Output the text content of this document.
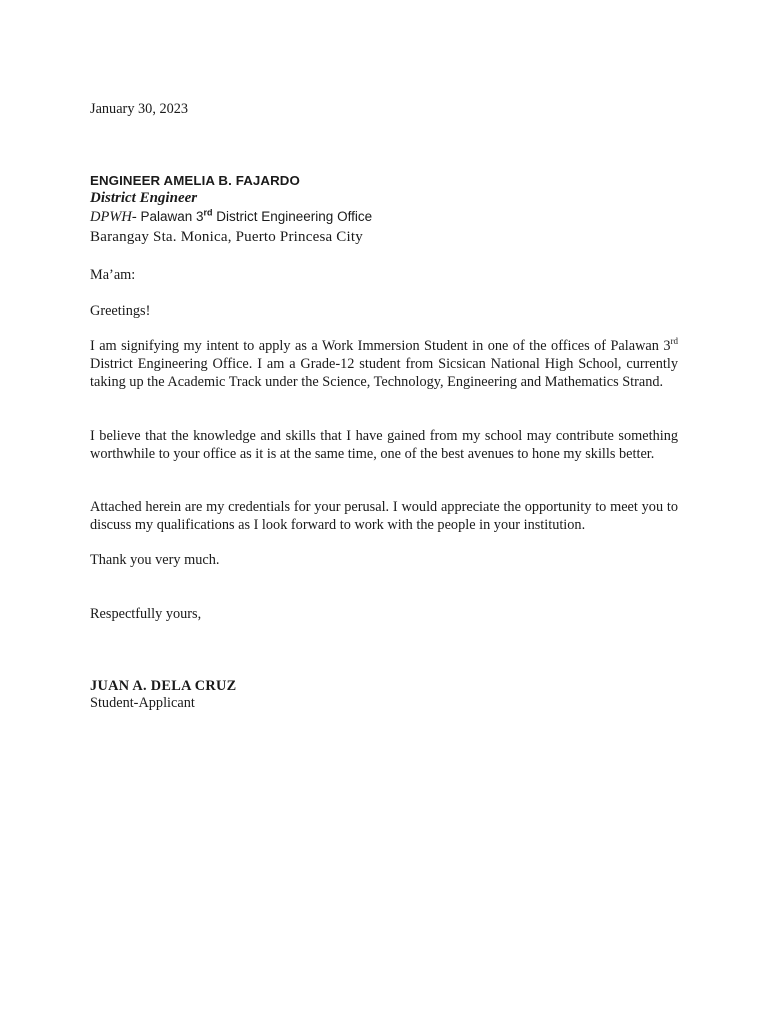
January 30, 2023
ENGINEER AMELIA B. FAJARDO
District Engineer
DPWH- Palawan 3rd District Engineering Office
Barangay Sta. Monica, Puerto Princesa City
Ma’am:
Greetings!
I am signifying my intent to apply as a Work Immersion Student in one of the offices of Palawan 3rd District Engineering Office. I am a Grade-12 student from Sicsican National High School, currently taking up the Academic Track under the Science, Technology, Engineering and Mathematics Strand.
I believe that the knowledge and skills that I have gained from my school may contribute something worthwhile to your office as it is at the same time, one of the best avenues to hone my skills better.
Attached herein are my credentials for your perusal. I would appreciate the opportunity to meet you to discuss my qualifications as I look forward to work with the people in your institution.
Thank you very much.
Respectfully yours,
JUAN A. DELA CRUZ
Student-Applicant
